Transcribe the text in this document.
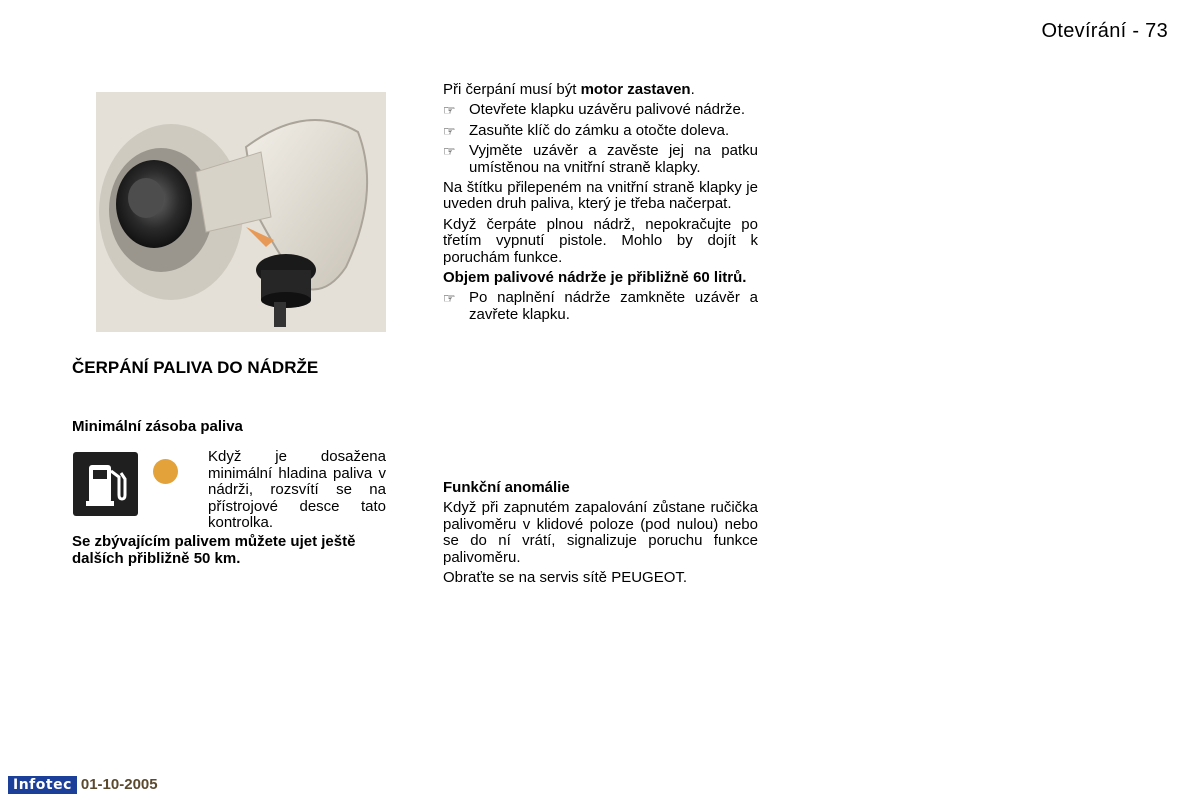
Otevírání - 73
ČERPÁNÍ PALIVA DO NÁDRŽE
Minimální zásoba paliva
Když je dosažena minimální hladina paliva v nádrži, rozsvítí se na přístrojové desce tato kontrolka.
Se zbývajícím palivem můžete ujet ještě dalších přibližně 50 km.

Při čerpání musí být motor zastaven.

☞ Otevřete klapku uzávěru palivové nádrže.
☞ Zasuňte klíč do zámku a otočte doleva.
☞ Vyjměte uzávěr a zavěste jej na patku umístěnou na vnitřní straně klapky.

Na štítku přilepeném na vnitřní straně klapky je uveden druh paliva, který je třeba načerpat.

Když čerpáte plnou nádrž, nepokračujte po třetím vypnutí pistole. Mohlo by dojít k poruchám funkce.

Objem palivové nádrže je přibližně 60 litrů.

☞ Po naplnění nádrže zamkněte uzávěr a zavřete klapku.

Funkční anomálie

Když při zapnutém zapalování zůstane ručička palivoměru v klidové poloze (pod nulou) nebo se do ní vrátí, signalizuje poruchu funkce palivoměru.

Obraťte se na servis sítě PEUGEOT.

Infotec 01-10-2005
